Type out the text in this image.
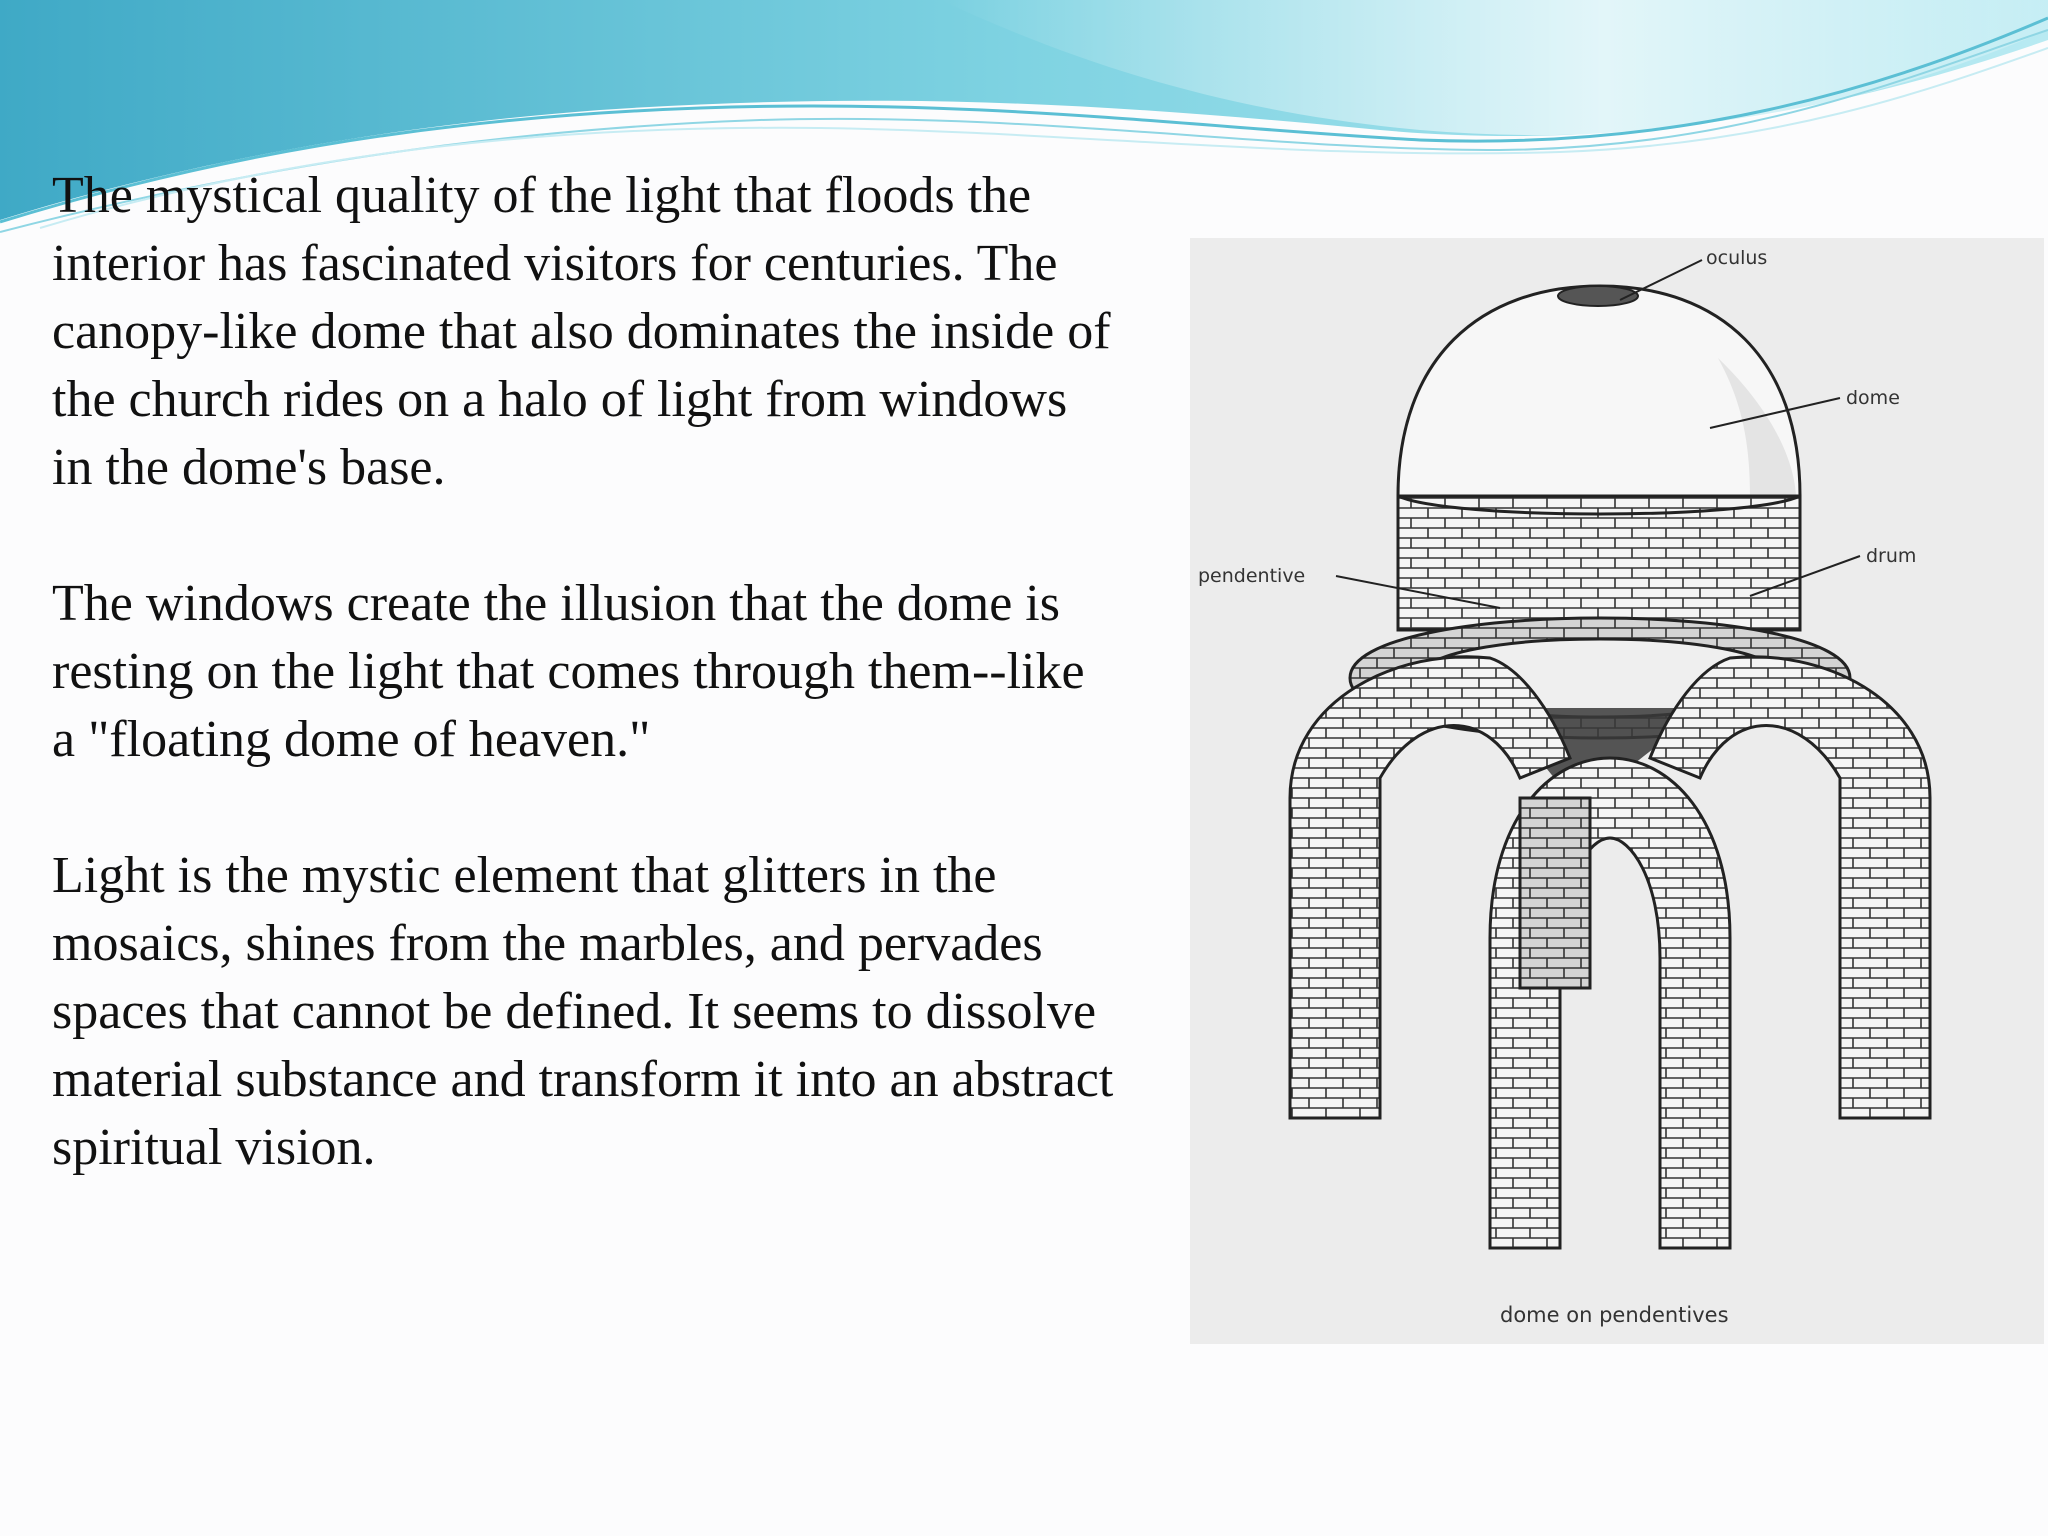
The mystical quality of the light that floods the
interior has fascinated visitors for centuries. The
canopy-like dome that also dominates the inside of
the church rides on a halo of light from windows
in the dome's base.

The windows create the illusion that the dome is
resting on the light that comes through them--like
a "floating dome of heaven."

Light is the mystic element that glitters in the
mosaics, shines from the marbles, and pervades
spaces that cannot be defined. It seems to dissolve
material substance and transform it into an abstract
spiritual vision.

oculus
dome
drum
pendentive
dome on pendentives
